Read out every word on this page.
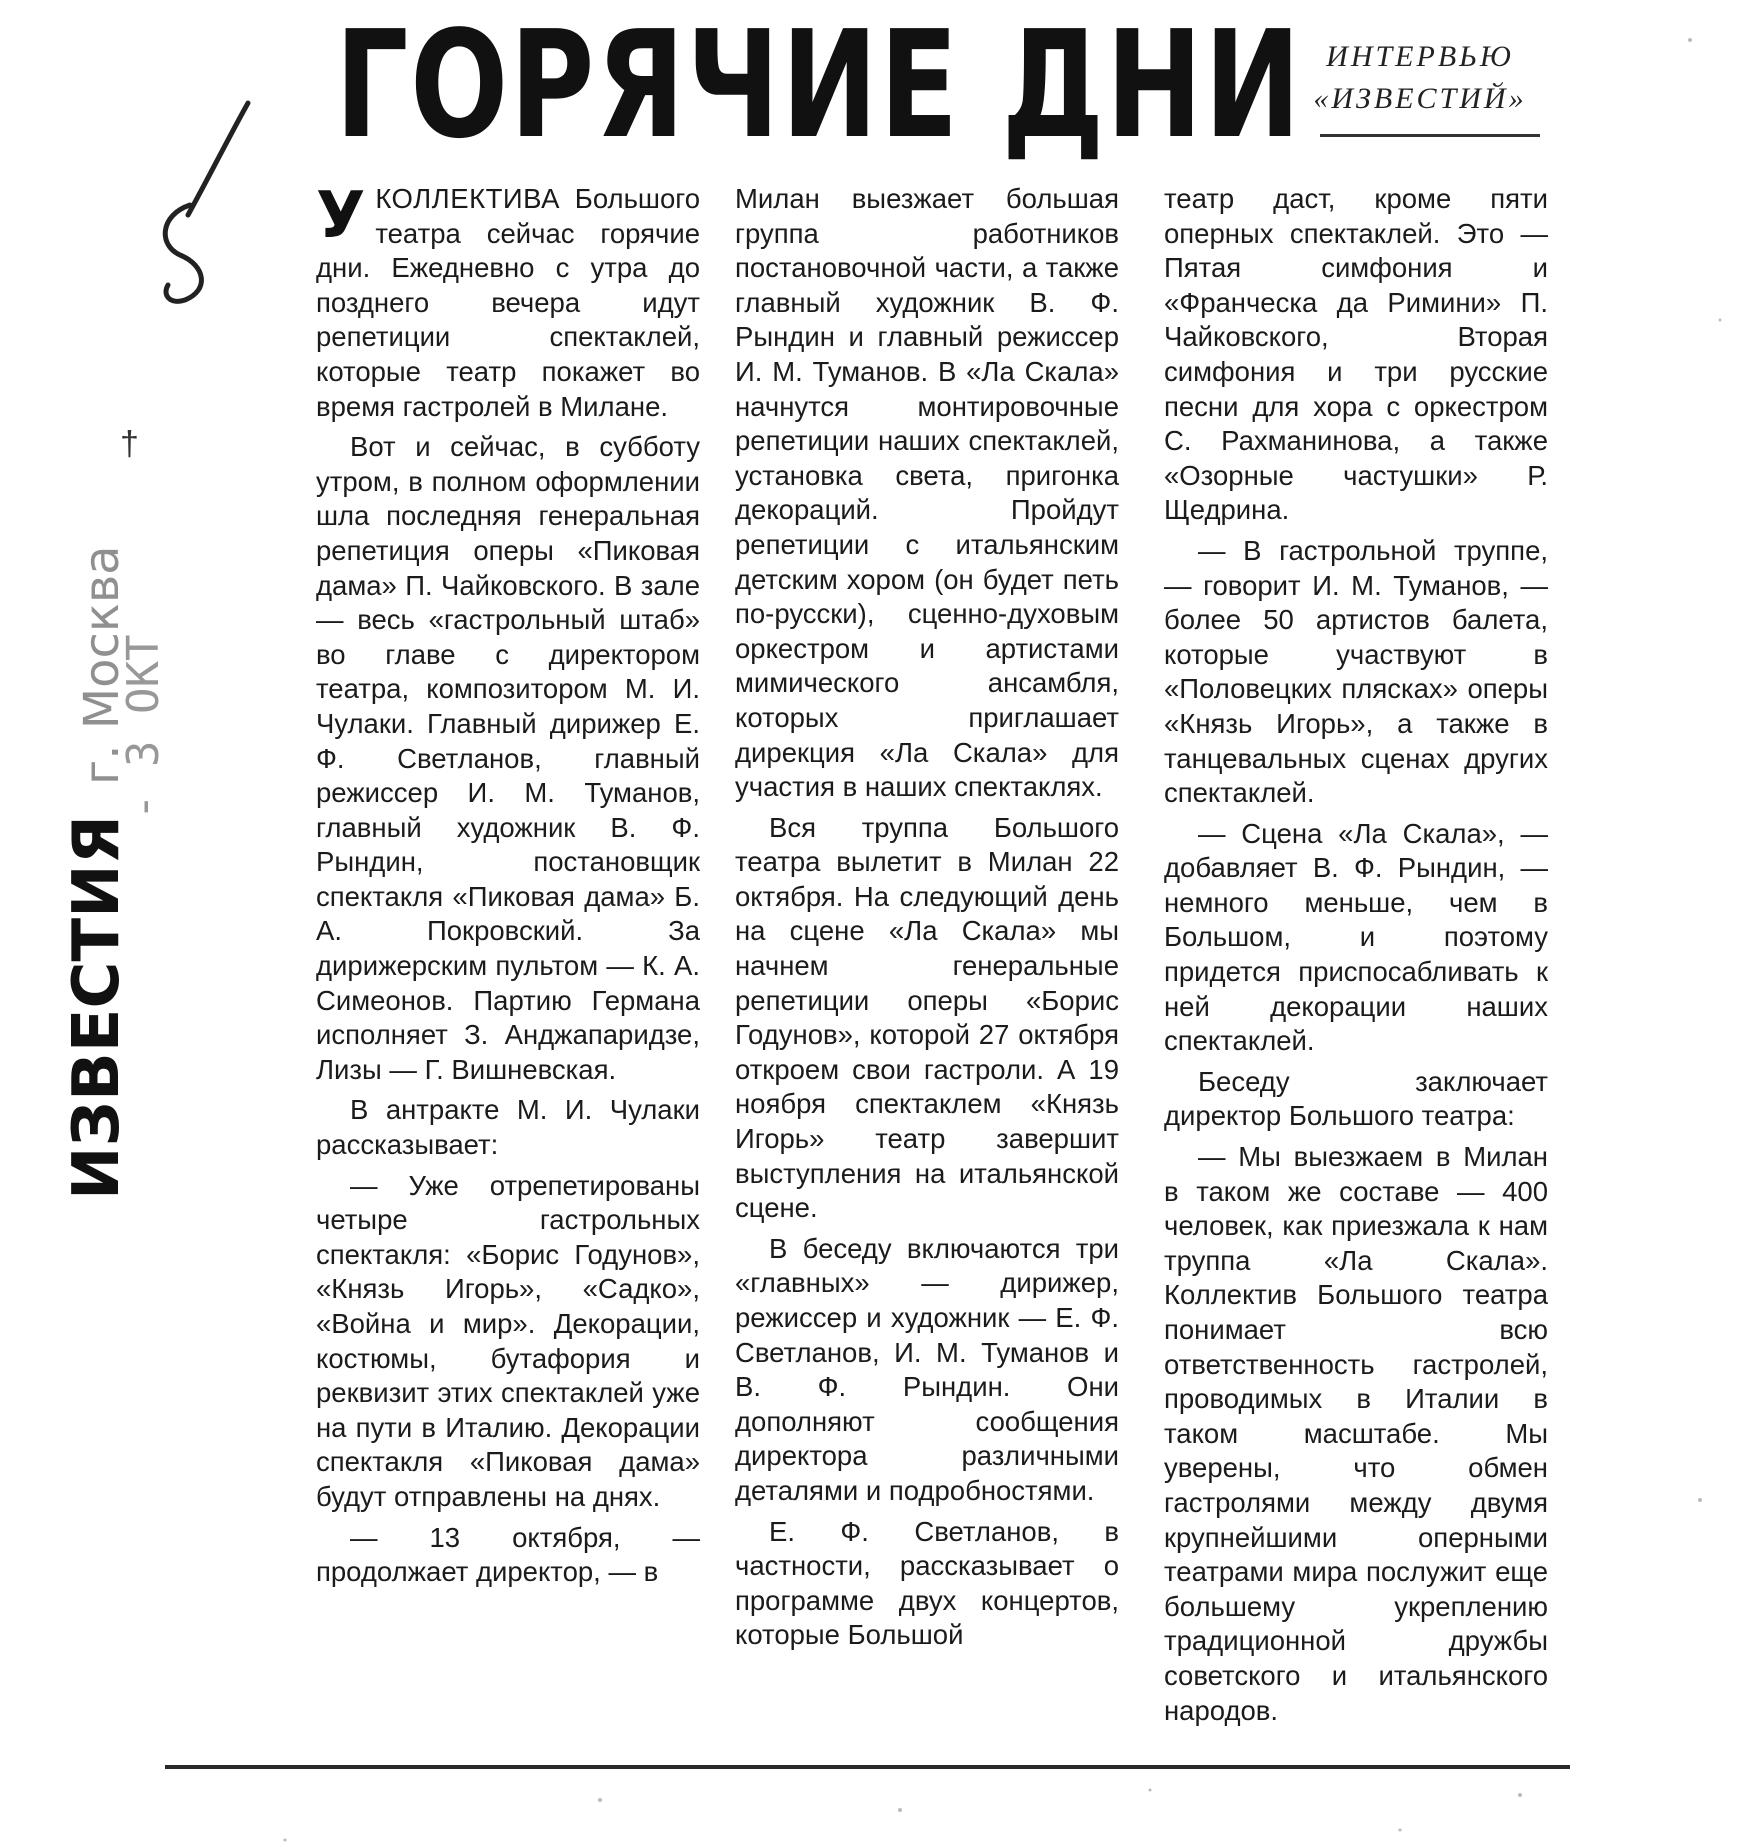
†
ИЗВЕСТИЯ
г. Москва
- 3 ОКТ
ГОРЯЧИЕ ДНИ ИНТЕРВЬЮ
«ИЗВЕСТИЙ»

УКОЛЛЕКТИВА Большого театра сейчас горячие дни. Ежедневно с утра до позднего вечера идут репетиции спектаклей, которые театр покажет во время гастролей в Милане.

Вот и сейчас, в субботу утром, в полном оформлении шла последняя генеральная репетиция оперы «Пиковая дама» П. Чайковского. В зале — весь «гастрольный штаб» во главе с директором театра, композитором М. И. Чулаки. Главный дирижер Е. Ф. Светланов, главный режиссер И. М. Туманов, главный художник В. Ф. Рындин, постановщик спектакля «Пиковая дама» Б. А. Покровский. За дирижерским пультом — К. А. Симеонов. Партию Германа исполняет З. Анджапаридзе, Лизы — Г. Вишневская.

В антракте М. И. Чулаки рассказывает:

— Уже отрепетированы четыре гастрольных спектакля: «Борис Годунов», «Князь Игорь», «Садко», «Война и мир». Декорации, костюмы, бутафория и реквизит этих спектаклей уже на пути в Италию. Декорации спектакля «Пиковая дама» будут отправлены на днях.

— 13 октября, — продолжает директор, — в

Милан выезжает большая группа работников постановочной части, а также главный художник В. Ф. Рындин и главный режиссер И. М. Туманов. В «Ла Скала» начнутся монтировочные репетиции наших спектаклей, установка света, пригонка декораций. Пройдут репетиции с итальянским детским хором (он будет петь по-русски), сценно-духовым оркестром и артистами мимического ансамбля, которых приглашает дирекция «Ла Скала» для участия в наших спектаклях.

Вся труппа Большого театра вылетит в Милан 22 октября. На следующий день на сцене «Ла Скала» мы начнем генеральные репетиции оперы «Борис Годунов», которой 27 октября откроем свои гастроли. А 19 ноября спектаклем «Князь Игорь» театр завершит выступления на итальянской сцене.

В беседу включаются три «главных» — дирижер, режиссер и художник — Е. Ф. Светланов, И. М. Туманов и В. Ф. Рындин. Они дополняют сообщения директора различными деталями и подробностями.

Е. Ф. Светланов, в частности, рассказывает о программе двух концертов, которые Большой

театр даст, кроме пяти оперных спектаклей. Это — Пятая симфония и «Франческа да Римини» П. Чайковского, Вторая симфония и три русские песни для хора с оркестром С. Рахманинова, а также «Озорные частушки» Р. Щедрина.

— В гастрольной труппе, — говорит И. М. Туманов, — более 50 артистов балета, которые участвуют в «Половецких плясках» оперы «Князь Игорь», а также в танцевальных сценах других спектаклей.

— Сцена «Ла Скала», — добавляет В. Ф. Рындин, — немного меньше, чем в Большом, и поэтому придется приспосабливать к ней декорации наших спектаклей.

Беседу заключает директор Большого театра:

— Мы выезжаем в Милан в таком же составе — 400 человек, как приезжала к нам труппа «Ла Скала». Коллектив Большого театра понимает всю ответственность гастролей, проводимых в Италии в таком масштабе. Мы уверены, что обмен гастролями между двумя крупнейшими оперными театрами мира послужит еще большему укреплению традиционной дружбы советского и итальянского народов.
